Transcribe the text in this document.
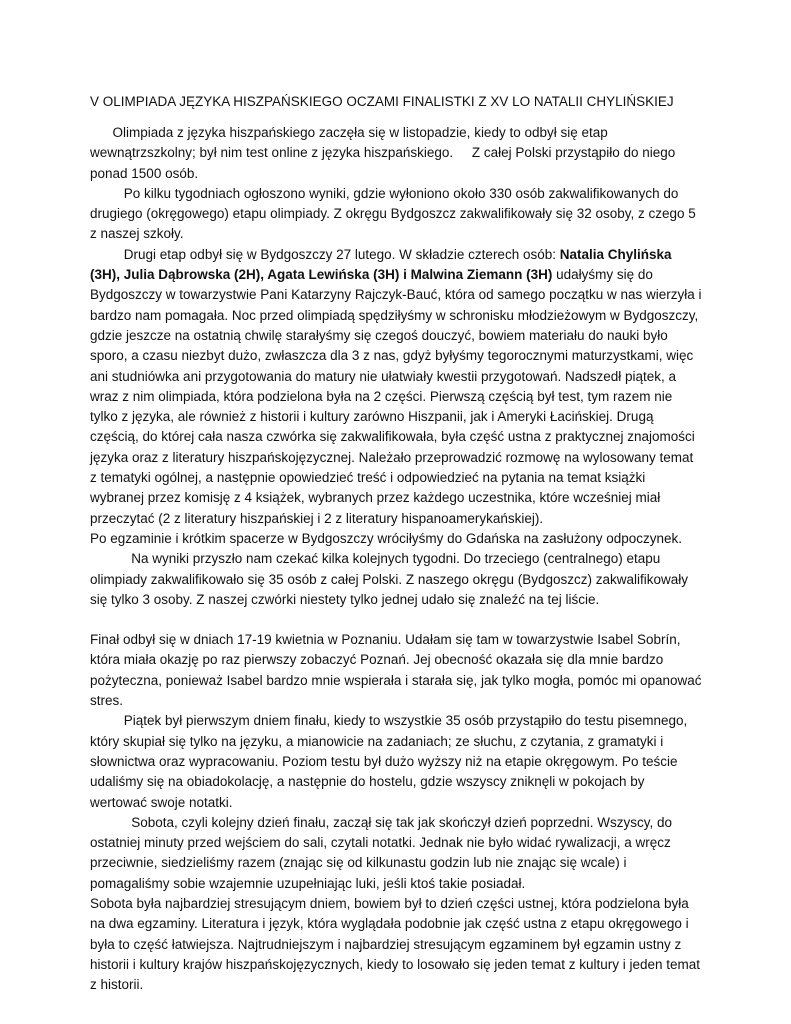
V OLIMPIADA JĘZYKA HISZPAŃSKIEGO OCZAMI FINALISTKI Z XV LO NATALII CHYLIŃSKIEJ
Olimpiada z języka hiszpańskiego zaczęła się w listopadzie, kiedy to odbył się etap wewnątrzszkolny; był nim test online z języka hiszpańskiego.     Z całej Polski przystąpiło do niego ponad 1500 osób.
Po kilku tygodniach ogłoszono wyniki, gdzie wyłoniono około 330 osób zakwalifikowanych do drugiego (okręgowego) etapu olimpiady. Z okręgu Bydgoszcz zakwalifikowały się 32 osoby, z czego 5 z naszej szkoły.
Drugi etap odbył się w Bydgoszczy 27 lutego. W składzie czterech osób: Natalia Chylińska (3H), Julia Dąbrowska (2H), Agata Lewińska (3H) i Malwina Ziemann (3H) udałyśmy się do Bydgoszczy w towarzystwie Pani Katarzyny Rajczyk-Bauć, która od samego początku w nas wierzyła i bardzo nam pomagała. Noc przed olimpiadą spędziłyśmy w schronisku młodzieżowym w Bydgoszczy, gdzie jeszcze na ostatnią chwilę starałyśmy się czegoś douczyć, bowiem materiału do nauki było sporo, a czasu niezbyt dużo, zwłaszcza dla 3 z nas, gdyż byłyśmy tegorocznymi maturzystkami, więc ani studniówka ani przygotowania do matury nie ułatwiały kwestii przygotowań. Nadszedł piątek, a wraz z nim olimpiada, która podzielona była na 2 części. Pierwszą częścią był test, tym razem nie tylko z języka, ale również z historii i kultury zarówno Hiszpanii, jak i Ameryki Łacińskiej. Drugą częścią, do której cała nasza czwórka się zakwalifikowała, była część ustna z praktycznej znajomości języka oraz z literatury hiszpańskojęzycznej. Należało przeprowadzić rozmowę na wylosowany temat z tematyki ogólnej, a następnie opowiedzieć treść i odpowiedzieć na pytania na temat książki wybranej przez komisję z 4 książek, wybranych przez każdego uczestnika, które wcześniej miał przeczytać (2 z literatury hiszpańskiej i 2 z literatury hispanoamerykańskiej).
Po egzaminie i krótkim spacerze w Bydgoszczy wróciłyśmy do Gdańska na zasłużony odpoczynek.
Na wyniki przyszło nam czekać kilka kolejnych tygodni. Do trzeciego (centralnego) etapu olimpiady zakwalifikowało się 35 osób z całej Polski. Z naszego okręgu (Bydgoszcz) zakwalifikowały się tylko 3 osoby. Z naszej czwórki niestety tylko jednej udało się znaleźć na tej liście.
Finał odbył się w dniach 17-19 kwietnia w Poznaniu. Udałam się tam w towarzystwie Isabel Sobrín, która miała okazję po raz pierwszy zobaczyć Poznań. Jej obecność okazała się dla mnie bardzo pożyteczna, ponieważ Isabel bardzo mnie wspierała i starała się, jak tylko mogła, pomóc mi opanować stres.
Piątek był pierwszym dniem finału, kiedy to wszystkie 35 osób przystąpiło do testu pisemnego, który skupiał się tylko na języku, a mianowicie na zadaniach; ze słuchu, z czytania, z gramatyki i słownictwa oraz wypracowaniu. Poziom testu był dużo wyższy niż na etapie okręgowym. Po teście udaliśmy się na obiadokolację, a następnie do hostelu, gdzie wszyscy zniknęli w pokojach by wertować swoje notatki.
Sobota, czyli kolejny dzień finału, zaczął się tak jak skończył dzień poprzedni. Wszyscy, do ostatniej minuty przed wejściem do sali, czytali notatki. Jednak nie było widać rywalizacji, a wręcz przeciwnie, siedzieliśmy razem (znając się od kilkunastu godzin lub nie znając się wcale) i pomagaliśmy sobie wzajemnie uzupełniając luki, jeśli ktoś takie posiadał.
Sobota była najbardziej stresującym dniem, bowiem był to dzień części ustnej, która podzielona była na dwa egzaminy. Literatura i język, która wyglądała podobnie jak część ustna z etapu okręgowego i była to część łatwiejsza. Najtrudniejszym i najbardziej stresującym egzaminem był egzamin ustny z historii i kultury krajów hiszpańskojęzycznych, kiedy to losowało się jeden temat z kultury i jeden temat z historii.
